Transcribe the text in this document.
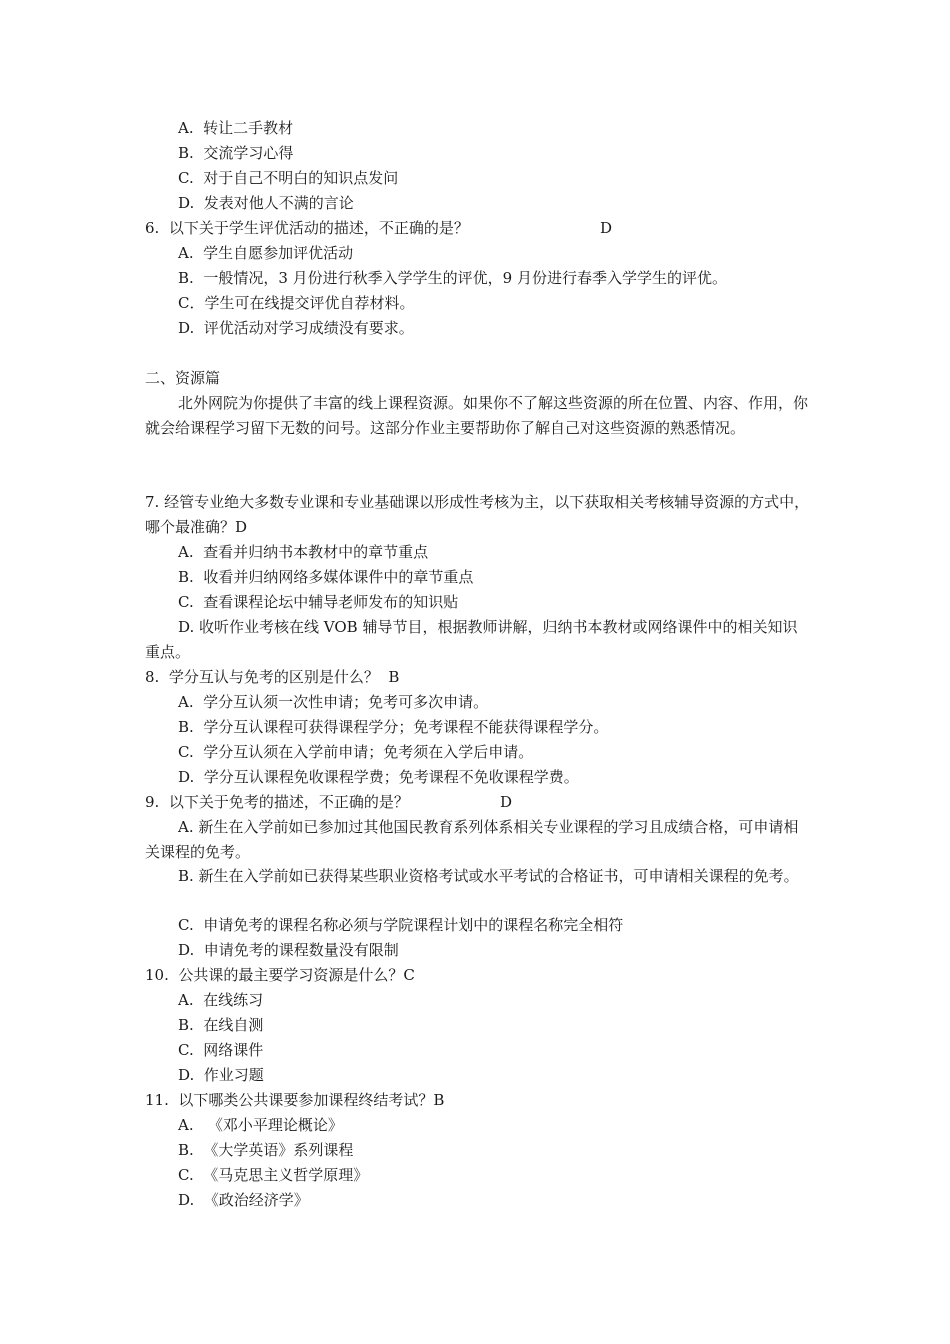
A.  转让二手教材
B.  交流学习心得
C.  对于自己不明白的知识点发问
D.  发表对他人不满的言论
6.  以下关于学生评优活动的描述，不正确的是？	D
A.  学生自愿参加评优活动
B.  一般情况，3 月份进行秋季入学学生的评优，9 月份进行春季入学学生的评优。
C．学生可在线提交评优自荐材料。
D.  评优活动对学习成绩没有要求。
二、资源篇
北外网院为你提供了丰富的线上课程资源。如果你不了解这些资源的所在位置、内容、作用，你就会给课程学习留下无数的问号。这部分作业主要帮助你了解自己对这些资源的熟悉情况。
7. 经管专业绝大多数专业课和专业基础课以形成性考核为主，以下获取相关考核辅导资源的方式中，哪个最准确？D
A.  查看并归纳书本教材中的章节重点
B.  收看并归纳网络多媒体课件中的章节重点
C.  查看课程论坛中辅导老师发布的知识贴
D. 收听作业考核在线 VOB 辅导节目，根据教师讲解，归纳书本教材或网络课件中的相关知识重点。
8.  学分互认与免考的区别是什么？  B
A.  学分互认须一次性申请；免考可多次申请。
B.  学分互认课程可获得课程学分；免考课程不能获得课程学分。
C.  学分互认须在入学前申请；免考须在入学后申请。
D.  学分互认课程免收课程学费；免考课程不免收课程学费。
9.  以下关于免考的描述，不正确的是？	D
A. 新生在入学前如已参加过其他国民教育系列体系相关专业课程的学习且成绩合格，可申请相关课程的免考。
B. 新生在入学前如已获得某些职业资格考试或水平考试的合格证书，可申请相关课程的免考。
C.  申请免考的课程名称必须与学院课程计划中的课程名称完全相符
D.  申请免考的课程数量没有限制
10.  公共课的最主要学习资源是什么？C
A.  在线练习
B.  在线自测
C.  网络课件
D.  作业习题
11.  以下哪类公共课要参加课程终结考试？B
A.   《邓小平理论概论》
B.  《大学英语》系列课程
C.  《马克思主义哲学原理》
D.  《政治经济学》
